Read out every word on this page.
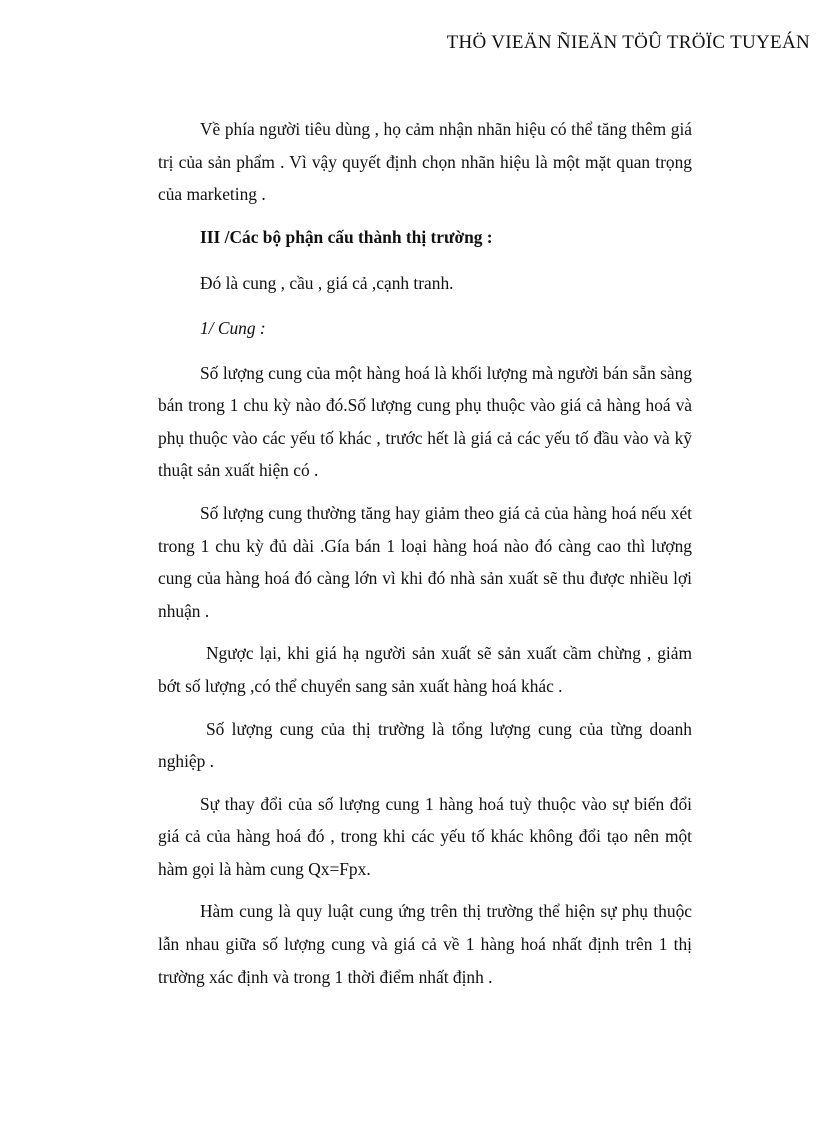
THÖ VIEÄN ÑIEÄN TÖÛ TRÖÏC TUYEÁN

Về phía người tiêu dùng , họ cảm nhận nhãn hiệu có thể tăng thêm giá trị của sản phẩm . Vì vậy quyết định chọn nhãn hiệu là một mặt quan trọng của marketing .

III /Các bộ phận cấu thành thị trường :

Đó là cung , cầu , giá cả ,cạnh tranh.

1/ Cung :

Số lượng cung của một hàng hoá là khối lượng mà người bán sẵn sàng bán trong 1 chu kỳ nào đó.Số lượng cung phụ thuộc vào giá cả hàng hoá và phụ thuộc vào các yếu tố khác , trước hết là giá cả các yếu tố đầu vào và kỹ thuật sản xuất hiện có .

Số lượng cung thường tăng hay giảm theo giá cả của hàng hoá nếu xét trong 1 chu kỳ đủ dài .Gía bán 1 loại hàng hoá nào đó càng cao thì lượng cung của hàng hoá đó càng lớn vì khi đó nhà sản xuất sẽ thu được nhiều lợi nhuận .

Ngược lại, khi giá hạ người sản xuất sẽ sản xuất cầm chừng , giảm bớt số lượng ,có thể chuyển sang sản xuất hàng hoá khác .

Số lượng cung của thị trường là tổng lượng cung của từng doanh nghiệp .

Sự thay đổi của số lượng cung 1 hàng hoá tuỳ thuộc vào sự biến đổi giá cả của hàng hoá đó , trong khi các yếu tố khác không đổi tạo nên một hàm gọi là hàm cung Qx=Fpx.

Hàm cung là quy luật cung ứng trên thị trường thể hiện sự phụ thuộc lẫn nhau giữa số lượng cung và giá cả về 1 hàng hoá nhất định trên 1 thị trường xác định và trong 1 thời điểm nhất định .
